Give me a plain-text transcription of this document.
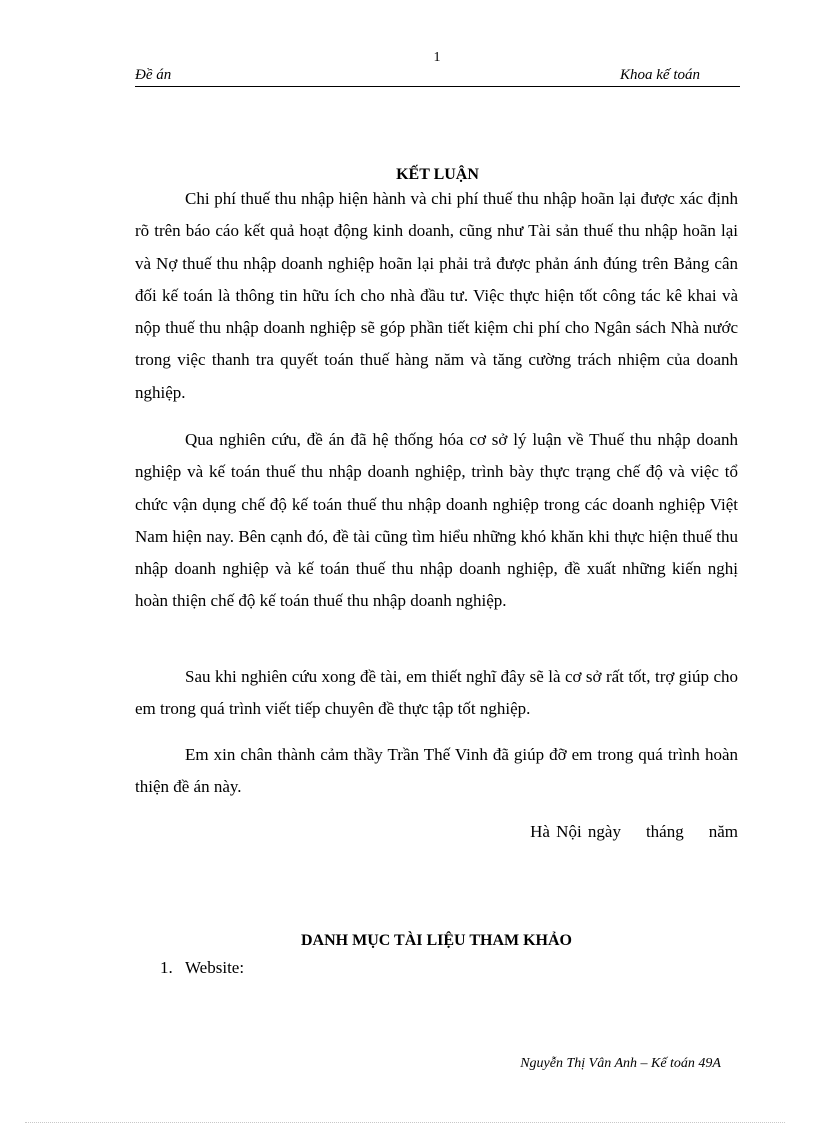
1
Đề án	Khoa kế toán
KẾT LUẬN

Chi phí thuế thu nhập hiện hành và chi phí thuế thu nhập hoãn lại được xác định rõ trên báo cáo kết quả hoạt động kinh doanh, cũng như Tài sản thuế thu nhập hoãn lại và Nợ thuế thu nhập doanh nghiệp hoãn lại phải trả được phản ánh đúng trên Bảng cân đối kế toán là thông tin hữu ích cho nhà đầu tư. Việc thực hiện tốt công tác kê khai và nộp thuế thu nhập doanh nghiệp sẽ góp phần tiết kiệm chi phí cho Ngân sách Nhà nước trong việc thanh tra quyết toán thuế hàng năm và tăng cường trách nhiệm của doanh nghiệp.

Qua nghiên cứu, đề án đã hệ thống hóa cơ sở lý luận về Thuế thu nhập doanh nghiệp và kế toán thuế thu nhập doanh nghiệp, trình bày thực trạng chế độ và việc tổ chức vận dụng chế độ kế toán thuế thu nhập doanh nghiệp trong các doanh nghiệp Việt Nam hiện nay. Bên cạnh đó, đề tài cũng tìm hiểu những khó khăn khi thực hiện thuế thu nhập doanh nghiệp và kế toán thuế thu nhập doanh nghiệp, đề xuất những kiến nghị hoàn thiện chế độ kế toán thuế thu nhập doanh nghiệp.

Sau khi nghiên cứu xong đề tài, em thiết nghĩ đây sẽ là cơ sở rất tốt, trợ giúp cho em trong quá trình viết tiếp chuyên đề thực tập tốt nghiệp.

Em xin chân thành cảm thầy Trần Thế Vinh đã giúp đỡ em trong quá trình hoàn thiện đề án này.

Hà Nội ngày    tháng    năm
DANH MỤC TÀI LIỆU THAM KHẢO
1. Website:
Nguyễn Thị Vân Anh – Kế toán 49A
